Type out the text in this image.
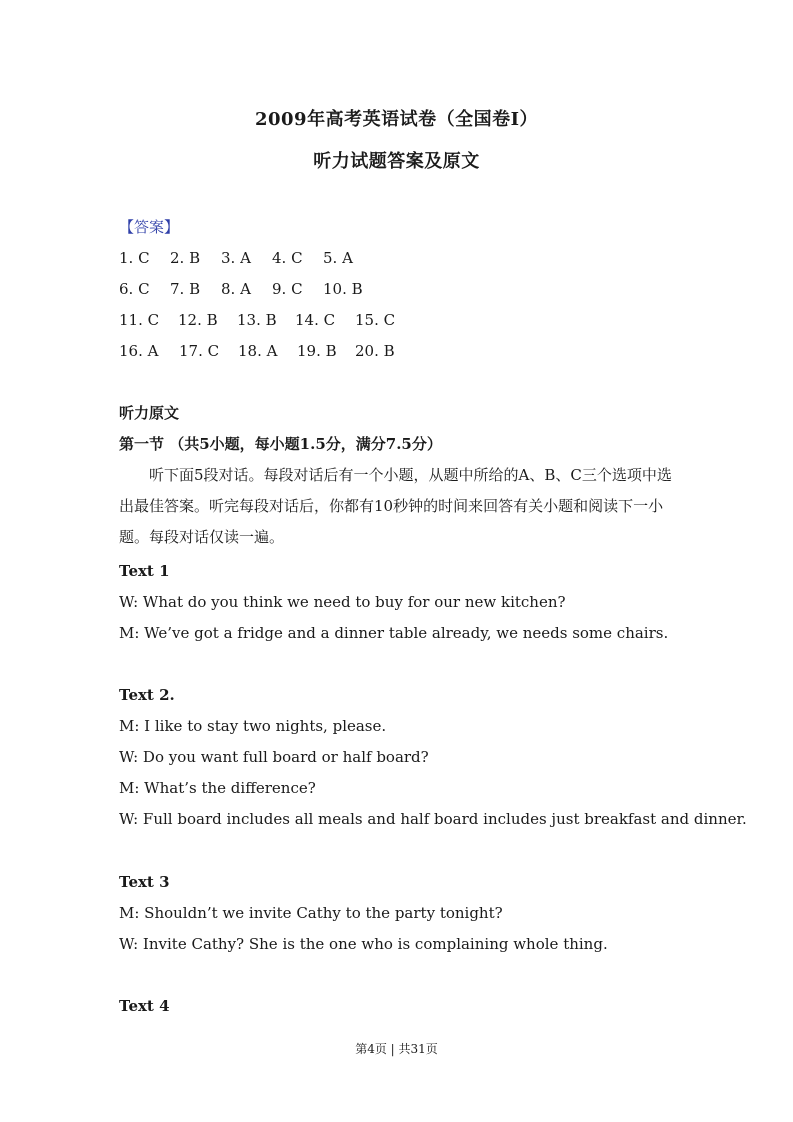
2009年高考英语试卷（全国卷I）
听力试题答案及原文
【答案】
1. C 2. B 3. A 4. C 5. A
6. C 7. B 8. A 9. C 10. B
11. C 12. B 13. B 14. C 15. C
16. A 17. C 18. A 19. B 20. B
听力原文
第一节 （共5小题，每小题1.5分，满分7.5分）
听下面5段对话。每段对话后有一个小题，从题中所给的A、B、C三个选项中选出最佳答案。听完每段对话后，你都有10秒钟的时间来回答有关小题和阅读下一小题。每段对话仅读一遍。
Text 1
W: What do you think we need to buy for our new kitchen?
M: We’ve got a fridge and a dinner table already, we needs some chairs.
Text 2.
M: I like to stay two nights, please.
W: Do you want full board or half board?
M: What’s the difference?
W: Full board includes all meals and half board includes just breakfast and dinner.
Text 3
M: Shouldn’t we invite Cathy to the party tonight?
W: Invite Cathy? She is the one who is complaining whole thing.
Text 4
第4页 | 共31页
